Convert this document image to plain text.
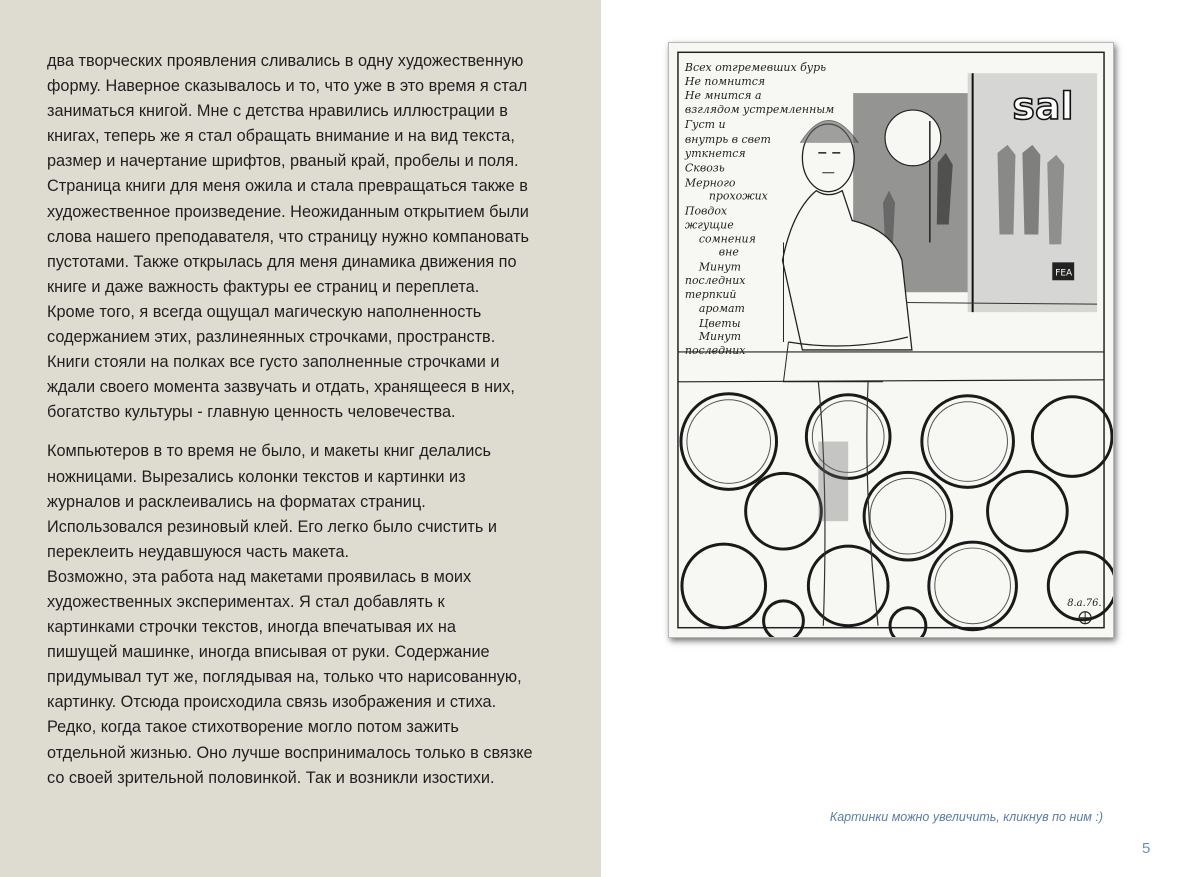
два творческих проявления сливались в одну художественную
форму. Наверное сказывалось и то, что уже в это время я стал
заниматься книгой. Мне с детства нравились иллюстрации в
книгах, теперь же я стал обращать внимание и на вид текста,
размер и начертание шрифтов, рваный край, пробелы и поля.
Страница книги для меня ожила и стала превращаться также в
художественное произведение. Неожиданным открытием были
слова нашего преподавателя, что страницу нужно компановать
пустотами. Также открылась для меня динамика движения по
книге и даже важность фактуры ее страниц и переплета.
Кроме того, я всегда ощущал магическую наполненность
содержанием этих, разлинеянных строчками, пространств.
Книги стояли на полках все густо заполненные строчками и
ждали своего момента зазвучать и отдать, хранящееся в них,
богатство культуры - главную ценность человечества.

Компьютеров в то время не было, и макеты книг делались
ножницами. Вырезались колонки текстов и картинки из
журналов и расклеивались на форматах страниц.
Использовался резиновый клей. Его легко было счистить и
переклеить неудавшуюся часть макета.
Возможно, эта работа над макетами проявилась в моих
художественных экспериментах. Я стал добавлять к
картинками строчки текстов, иногда впечатывая их на
пишущей машинке, иногда вписывая от руки. Содержание
придумывал тут же, поглядывая на, только что нарисованную,
картинку. Отсюда происходила связь изображения и стиха.
Редко, когда такое стихотворение могло потом зажить
отдельной жизнью. Оно лучше воспринималось только в связке
со своей зрительной половинкой. Так и возникли изостихи.

sal
FEA
Всех отгремевших бурь
Не помнится
Не мнится а
взглядом устремленным
Густ и
внутрь в свет
уткнется
Сквозь
Мерного
прохожих
Повдох
жгущие
сомнения
вне
Минут
последних
терпкий
аромат
Цветы
Минут
последних
8.a.76.
Картинки можно увеличить, кликнув по ним :)
5
